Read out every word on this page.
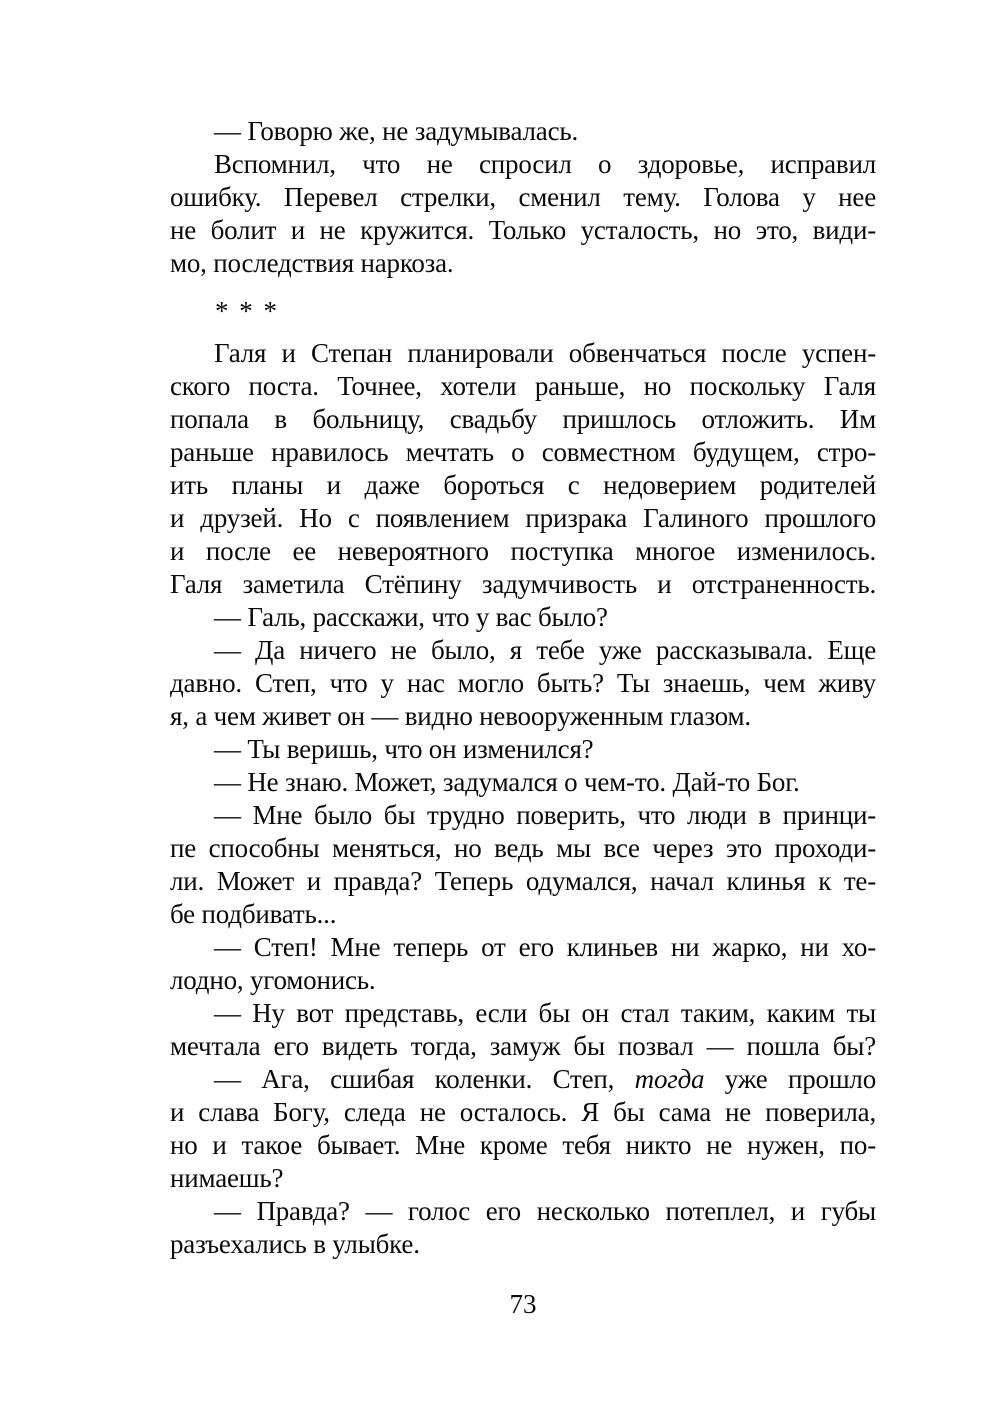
— Говорю же, не задумывалась.

Вспомнил, что не спросил о здоровье, исправил
ошибку. Перевел стрелки, сменил тему. Голова у нее
не болит и не кружится. Только усталость, но это, види-
мо, последствия наркоза.

* * *

Галя и Степан планировали обвенчаться после успен-
ского поста. Точнее, хотели раньше, но поскольку Галя
попала в больницу, свадьбу пришлось отложить. Им
раньше нравилось мечтать о совместном будущем, стро-
ить планы и даже бороться с недоверием родителей
и друзей. Но с появлением призрака Галиного прошлого
и после ее невероятного поступка многое изменилось.
Галя заметила Стёпину задумчивость и отстраненность.

— Галь, расскажи, что у вас было?

— Да ничего не было, я тебе уже рассказывала. Еще
давно. Степ, что у нас могло быть? Ты знаешь, чем живу
я, а чем живет он — видно невооруженным глазом.

— Ты веришь, что он изменился?

— Не знаю. Может, задумался о чем-то. Дай-то Бог.

— Мне было бы трудно поверить, что люди в принци-
пе способны меняться, но ведь мы все через это проходи-
ли. Может и правда? Теперь одумался, начал клинья к те-
бе подбивать...

— Степ! Мне теперь от его клиньев ни жарко, ни хо-
лодно, угомонись.

— Ну вот представь, если бы он стал таким, каким ты
мечтала его видеть тогда, замуж бы позвал — пошла бы?

— Ага, сшибая коленки. Степ, тогда уже прошло
и слава Богу, следа не осталось. Я бы сама не поверила,
но и такое бывает. Мне кроме тебя никто не нужен, по-
нимаешь?

— Правда? — голос его несколько потеплел, и губы
разъехались в улыбке.

73
